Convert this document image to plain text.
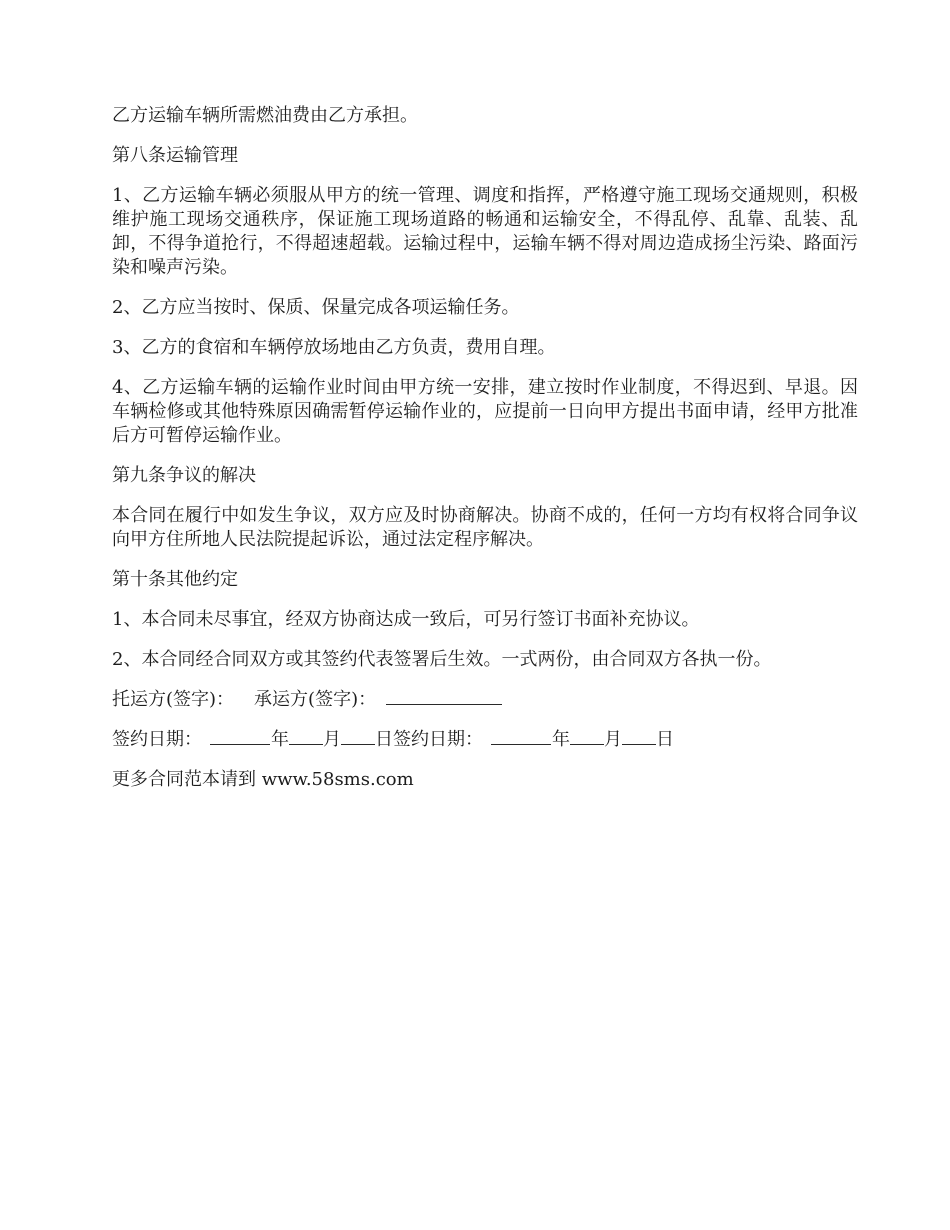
乙方运输车辆所需燃油费由乙方承担。

第八条运输管理

1、乙方运输车辆必须服从甲方的统一管理、调度和指挥，严格遵守施工现场交通规则，积极维护施工现场交通秩序，保证施工现场道路的畅通和运输安全，不得乱停、乱靠、乱装、乱卸，不得争道抢行，不得超速超载。运输过程中，运输车辆不得对周边造成扬尘污染、路面污染和噪声污染。

2、乙方应当按时、保质、保量完成各项运输任务。

3、乙方的食宿和车辆停放场地由乙方负责，费用自理。

4、乙方运输车辆的运输作业时间由甲方统一安排，建立按时作业制度，不得迟到、早退。因车辆检修或其他特殊原因确需暂停运输作业的，应提前一日向甲方提出书面申请，经甲方批准后方可暂停运输作业。

第九条争议的解决

本合同在履行中如发生争议，双方应及时协商解决。协商不成的，任何一方均有权将合同争议向甲方住所地人民法院提起诉讼，通过法定程序解决。

第十条其他约定

1、本合同未尽事宜，经双方协商达成一致后，可另行签订书面补充协议。

2、本合同经合同双方或其签约代表签署后生效。一式两份，由合同双方各执一份。

托运方(签字)： 承运方(签字)：

签约日期：	年 月 日签约日期：	年 月 日

更多合同范本请到 www.58sms.com
